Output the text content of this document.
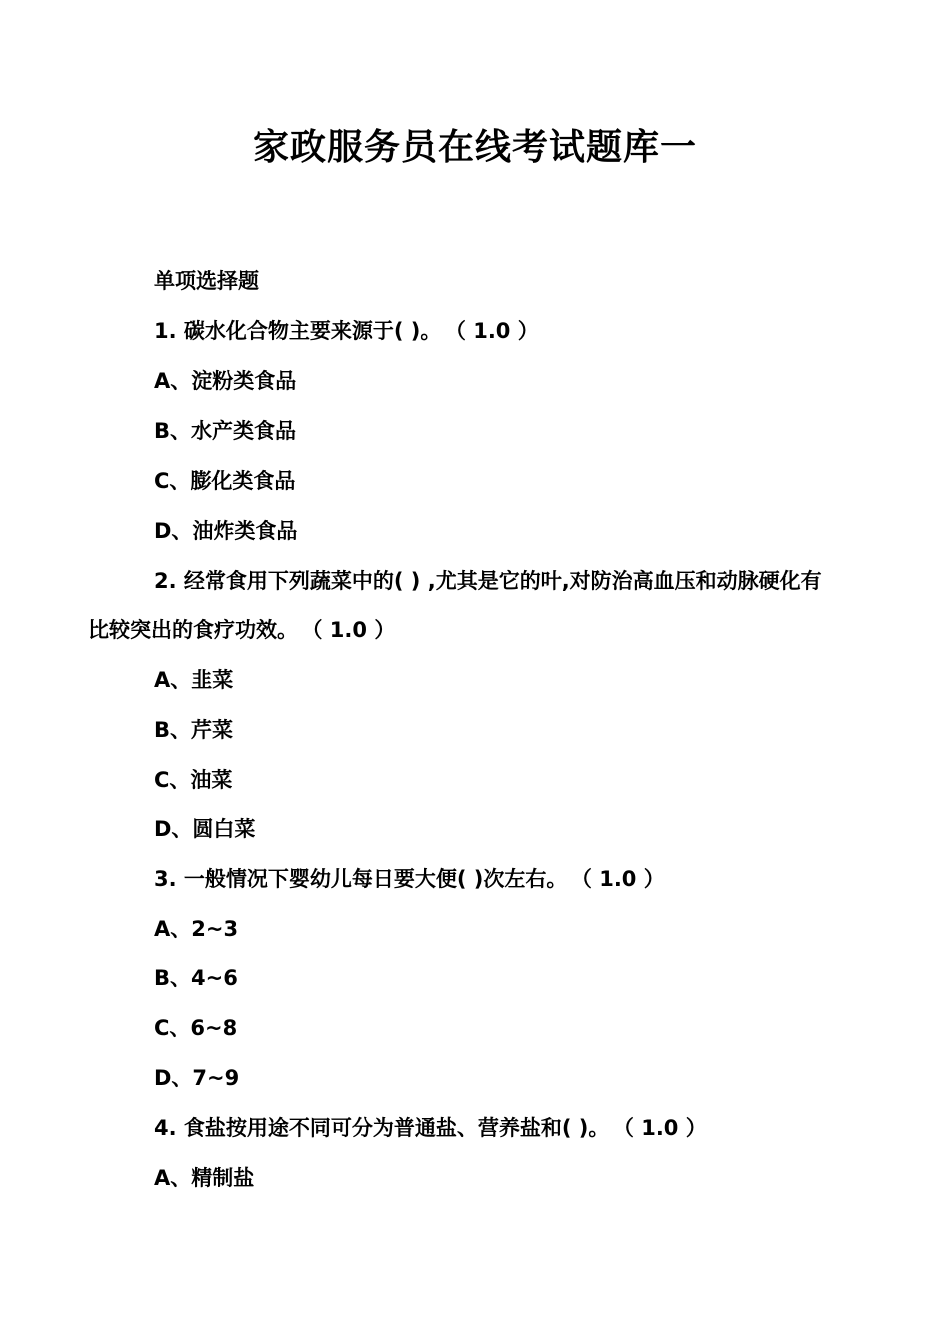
家政服务员在线考试题库一
单项选择题
1. 碳水化合物主要来源于( )。 （ 1.0 ）
A、淀粉类食品
B、水产类食品
C、膨化类食品
D、油炸类食品
2. 经常食用下列蔬菜中的( ) ,尤其是它的叶,对防治高血压和动脉硬化有
比较突出的食疗功效。 （ 1.0 ）
A、韭菜
B、芹菜
C、油菜
D、圆白菜
3. 一般情况下婴幼儿每日要大便( )次左右。 （ 1.0 ）
A、2~3
B、4~6
C、6~8
D、7~9
4. 食盐按用途不同可分为普通盐、营养盐和( )。 （ 1.0 ）
A、精制盐
